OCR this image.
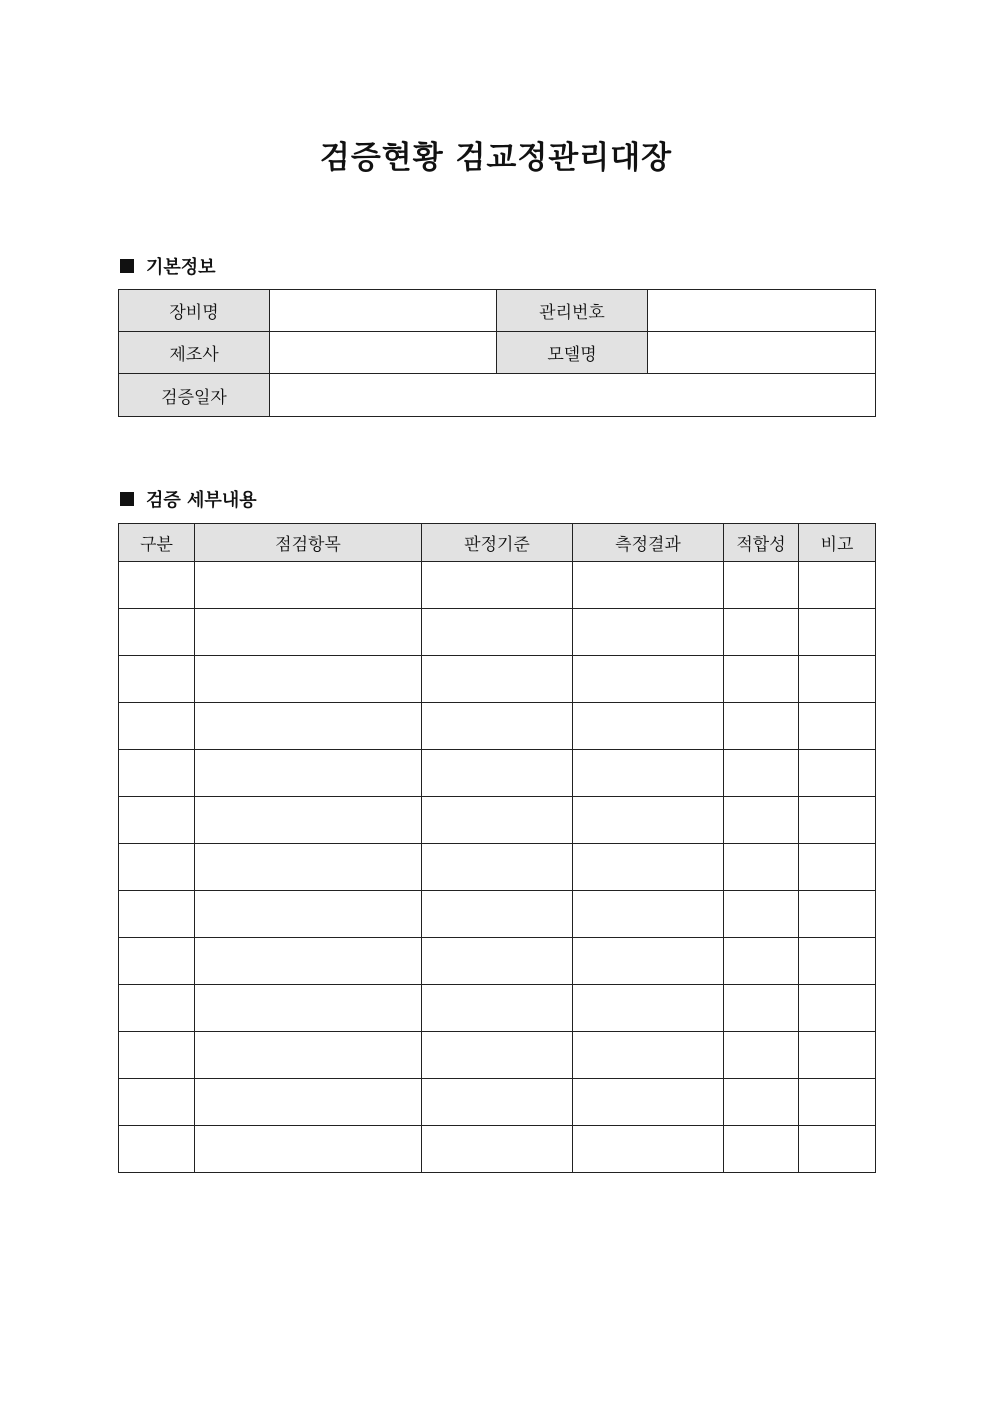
검증현황 검교정관리대장
기본정보
장비명		관리번호	
제조사		모델명	
검증일자			
검증 세부내용
구분	점검항목	판정기준	측정결과	적합성	비고
